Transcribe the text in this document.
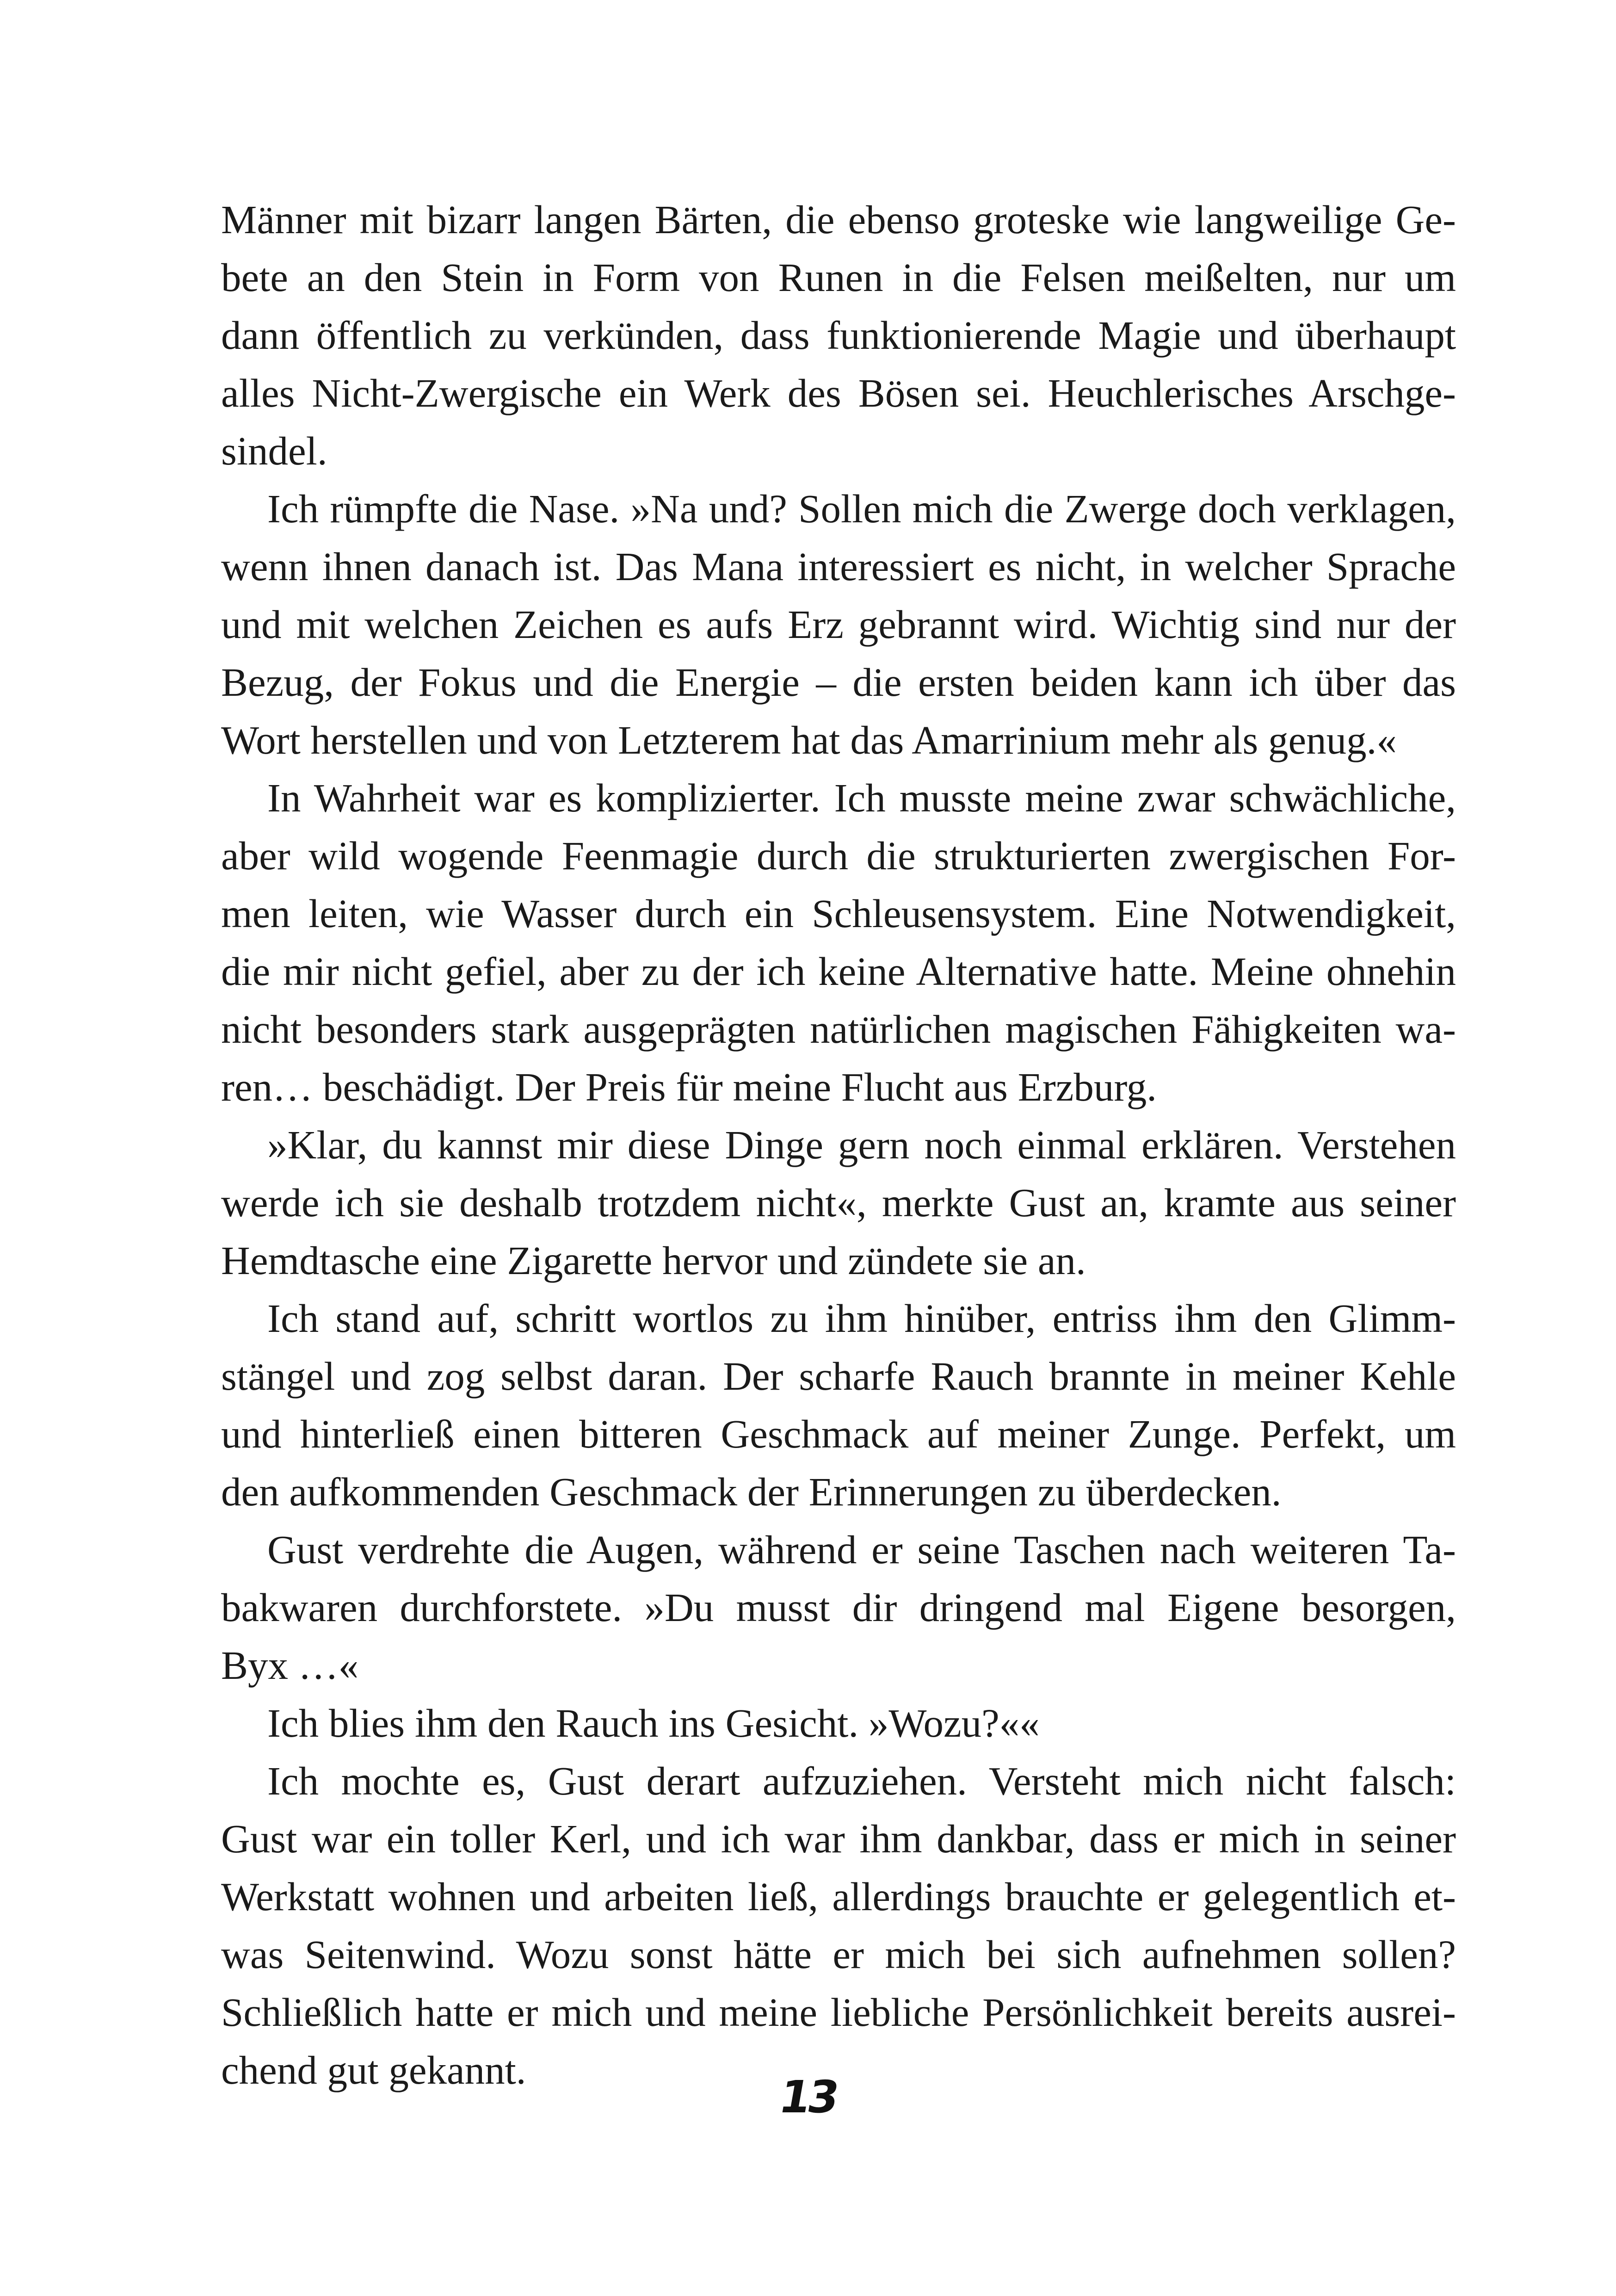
Männer mit bizarr langen Bärten, die ebenso groteske wie langweilige Ge-
bete an den Stein in Form von Runen in die Felsen meißelten, nur um
dann öffentlich zu verkünden, dass funktionierende Magie und überhaupt
alles Nicht-Zwergische ein Werk des Bösen sei. Heuchlerisches Arschge-
sindel.
Ich rümpfte die Nase. »Na und? Sollen mich die Zwerge doch verklagen,
wenn ihnen danach ist. Das Mana interessiert es nicht, in welcher Sprache
und mit welchen Zeichen es aufs Erz gebrannt wird. Wichtig sind nur der
Bezug, der Fokus und die Energie – die ersten beiden kann ich über das
Wort herstellen und von Letzterem hat das Amarrinium mehr als genug.«
In Wahrheit war es komplizierter. Ich musste meine zwar schwächliche,
aber wild wogende Feenmagie durch die strukturierten zwergischen For-
men leiten, wie Wasser durch ein Schleusensystem. Eine Notwendigkeit,
die mir nicht gefiel, aber zu der ich keine Alternative hatte. Meine ohnehin
nicht besonders stark ausgeprägten natürlichen magischen Fähigkeiten wa-
ren… beschädigt. Der Preis für meine Flucht aus Erzburg.
»Klar, du kannst mir diese Dinge gern noch einmal erklären. Verstehen
werde ich sie deshalb trotzdem nicht«, merkte Gust an, kramte aus seiner
Hemdtasche eine Zigarette hervor und zündete sie an.
Ich stand auf, schritt wortlos zu ihm hinüber, entriss ihm den Glimm-
stängel und zog selbst daran. Der scharfe Rauch brannte in meiner Kehle
und hinterließ einen bitteren Geschmack auf meiner Zunge. Perfekt, um
den aufkommenden Geschmack der Erinnerungen zu überdecken.
Gust verdrehte die Augen, während er seine Taschen nach weiteren Ta-
bakwaren durchforstete. »Du musst dir dringend mal Eigene besorgen,
Byx …«
Ich blies ihm den Rauch ins Gesicht. »Wozu?««
Ich mochte es, Gust derart aufzuziehen. Versteht mich nicht falsch:
Gust war ein toller Kerl, und ich war ihm dankbar, dass er mich in seiner
Werkstatt wohnen und arbeiten ließ, allerdings brauchte er gelegentlich et-
was Seitenwind. Wozu sonst hätte er mich bei sich aufnehmen sollen?
Schließlich hatte er mich und meine liebliche Persönlichkeit bereits ausrei-
chend gut gekannt.
13
